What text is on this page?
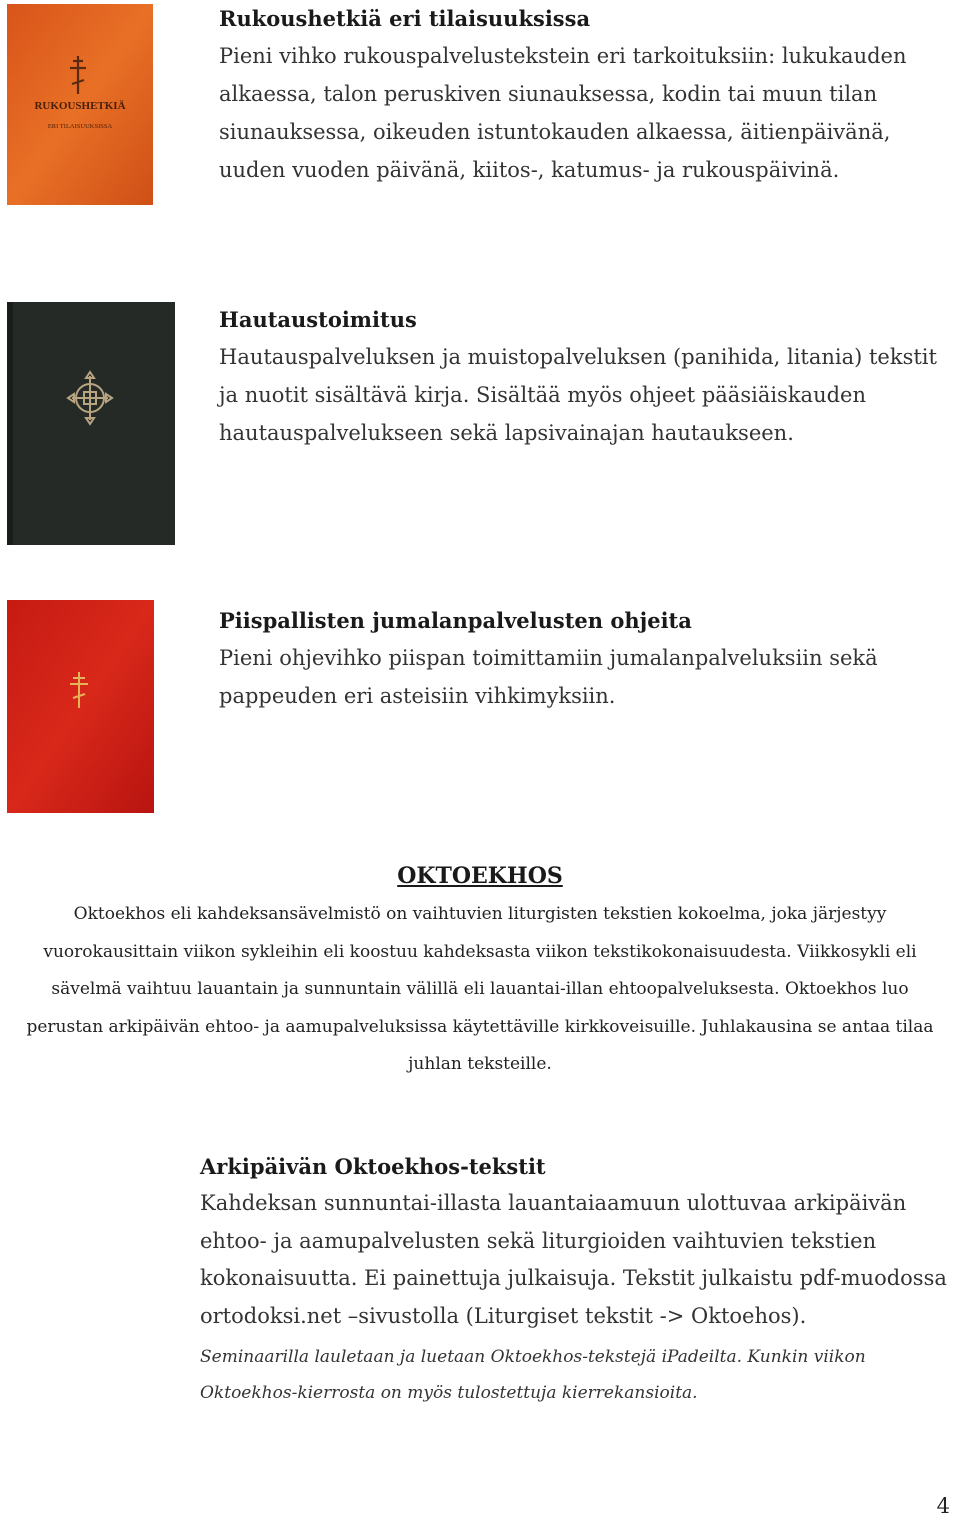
RUKOUSHETKIÄ
ERI TILAISUUKSISSA
Rukoushetkiä eri tilaisuuksissa

Pieni vihko rukouspalvelustekstein eri tarkoituksiin: lukukauden alkaessa, talon peruskiven siunauksessa, kodin tai muun tilan siunauksessa, oikeuden istuntokauden alkaessa, äitienpäivänä, uuden vuoden päivänä, kiitos-, katumus- ja rukouspäivinä.

Hautaustoimitus

Hautauspalveluksen ja muistopalveluksen (panihida, litania) tekstit ja nuotit sisältävä kirja. Sisältää myös ohjeet pääsiäiskauden hautauspalvelukseen sekä lapsivainajan hautaukseen.

Piispallisten jumalanpalvelusten ohjeita

Pieni ohjevihko piispan toimittamiin jumalanpalveluksiin sekä pappeuden eri asteisiin vihkimyksiin.

OKTOEKHOS
Oktoekhos eli kahdeksansävelmistö on vaihtuvien liturgisten tekstien kokoelma, joka järjestyy vuorokausittain viikon sykleihin eli koostuu kahdeksasta viikon tekstikokonaisuudesta. Viikkosykli eli sävelmä vaihtuu lauantain ja sunnuntain välillä eli lauantai-illan ehtoopalveluksesta. Oktoekhos luo perustan arkipäivän ehtoo- ja aamupalveluksissa käytettäville kirkkoveisuille. Juhlakausina se antaa tilaa juhlan teksteille.
Arkipäivän Oktoekhos-tekstit

Kahdeksan sunnuntai-illasta lauantaiaamuun ulottuvaa arkipäivän ehtoo- ja aamupalvelusten sekä liturgioiden vaihtuvien tekstien kokonaisuutta. Ei painettuja julkaisuja. Tekstit julkaistu pdf-muodossa ortodoksi.net –sivustolla (Liturgiset tekstit -> Oktoehos).

Seminaarilla lauletaan ja luetaan Oktoekhos-tekstejä iPadeilta. Kunkin viikon Oktoekhos-kierrosta on myös tulostettuja kierrekansioita.

4
